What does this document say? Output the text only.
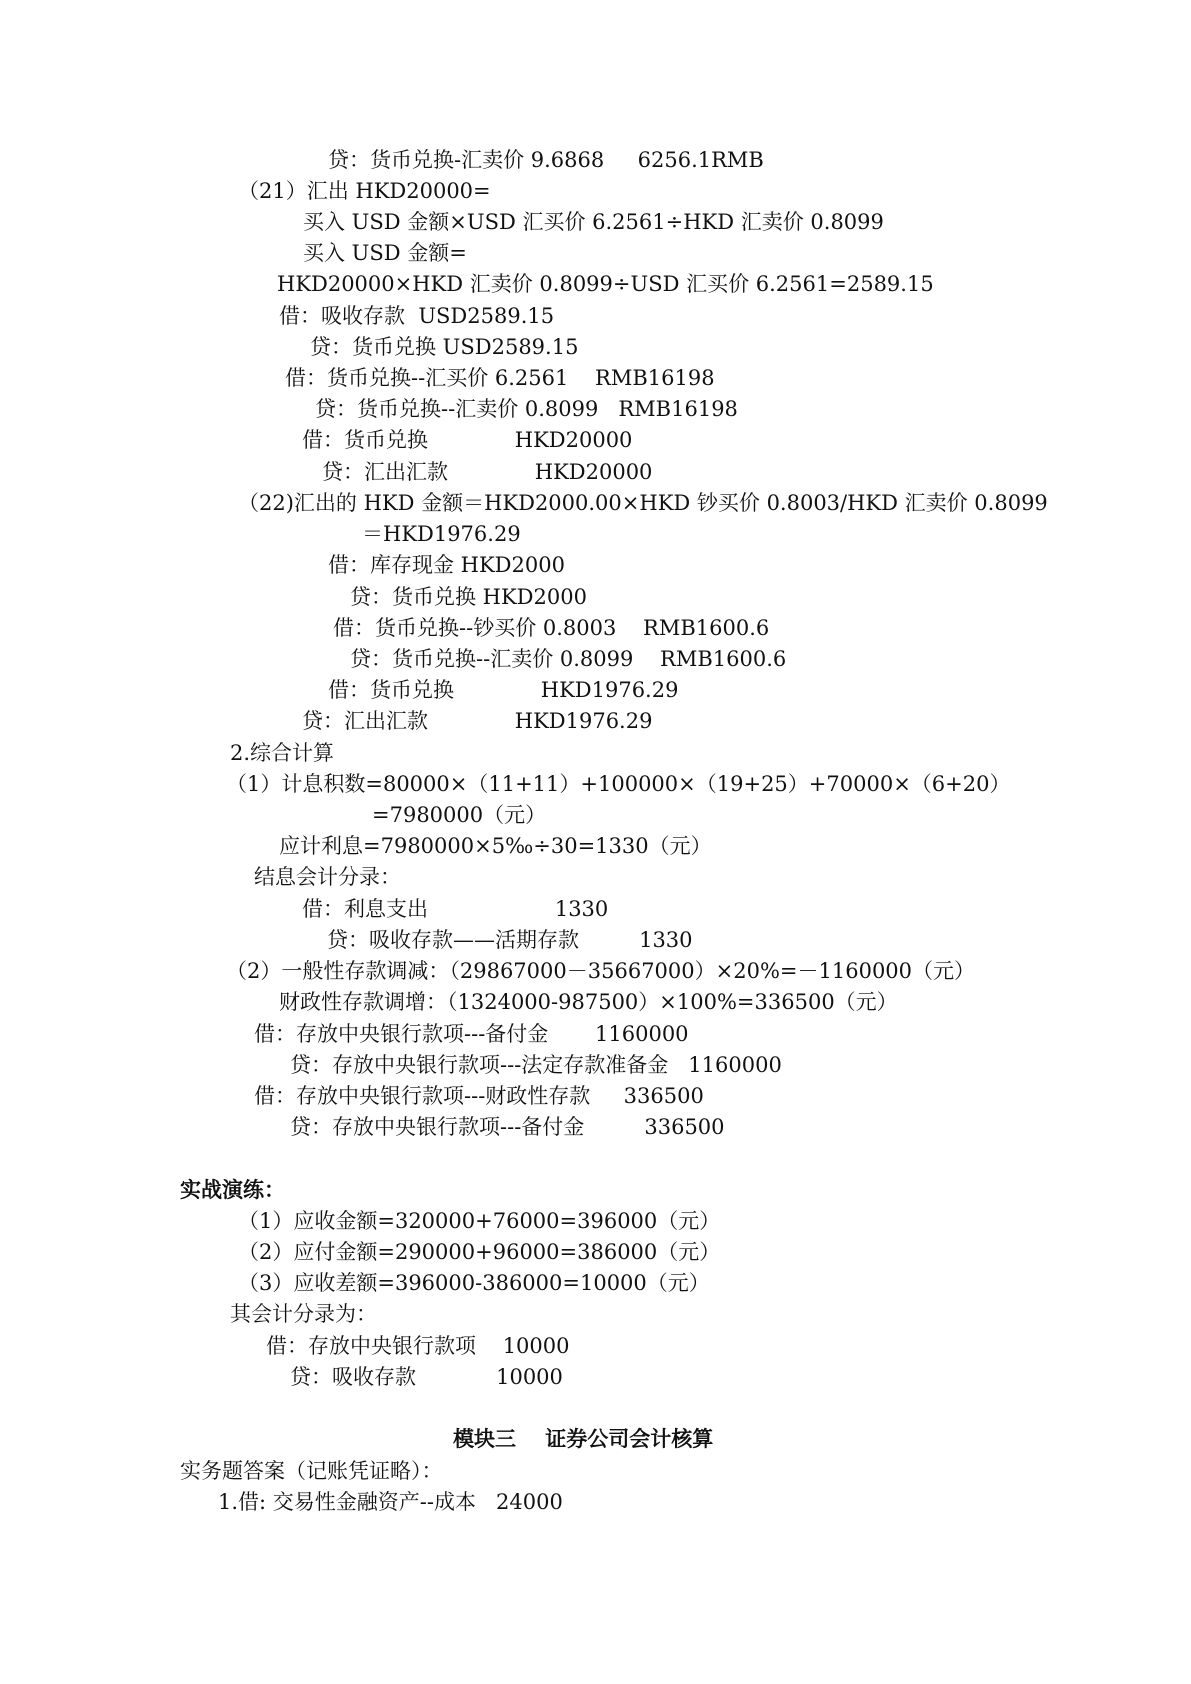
贷：货币兑换-汇卖价 9.6868     6256.1RMB
（21）汇出 HKD20000=
买入 USD 金额×USD 汇买价 6.2561÷HKD 汇卖价 0.8099
买入 USD 金额=
HKD20000×HKD 汇卖价 0.8099÷USD 汇买价 6.2561=2589.15
借：吸收存款  USD2589.15
贷：货币兑换 USD2589.15
借：货币兑换--汇买价 6.2561    RMB16198
贷：货币兑换--汇卖价 0.8099   RMB16198
借：货币兑换             HKD20000
贷：汇出汇款             HKD20000
（22)汇出的 HKD 金额＝HKD2000.00×HKD 钞买价 0.8003/HKD 汇卖价 0.8099
＝HKD1976.29
借：库存现金 HKD2000
贷：货币兑换 HKD2000
借：货币兑换--钞买价 0.8003    RMB1600.6
贷：货币兑换--汇卖价 0.8099    RMB1600.6
借：货币兑换             HKD1976.29
贷：汇出汇款             HKD1976.29
2.综合计算
（1）计息积数=80000×（11+11）+100000×（19+25）+70000×（6+20）
=7980000（元）
应计利息=7980000×5‰÷30=1330（元）
结息会计分录：
借：利息支出                   1330
贷：吸收存款——活期存款         1330
（2）一般性存款调减：（29867000－35667000）×20%=－1160000（元）
财政性存款调增：（1324000-987500）×100%=336500（元）
借：存放中央银行款项---备付金       1160000
贷：存放中央银行款项---法定存款准备金   1160000
借：存放中央银行款项---财政性存款     336500
贷：存放中央银行款项---备付金         336500
实战演练：
（1）应收金额=320000+76000=396000（元）
（2）应付金额=290000+96000=386000（元）
（3）应收差额=396000-386000=10000（元）
其会计分录为：
借：存放中央银行款项    10000
贷：吸收存款            10000
模块三    证券公司会计核算
实务题答案（记账凭证略）：
1.借: 交易性金融资产--成本   24000
